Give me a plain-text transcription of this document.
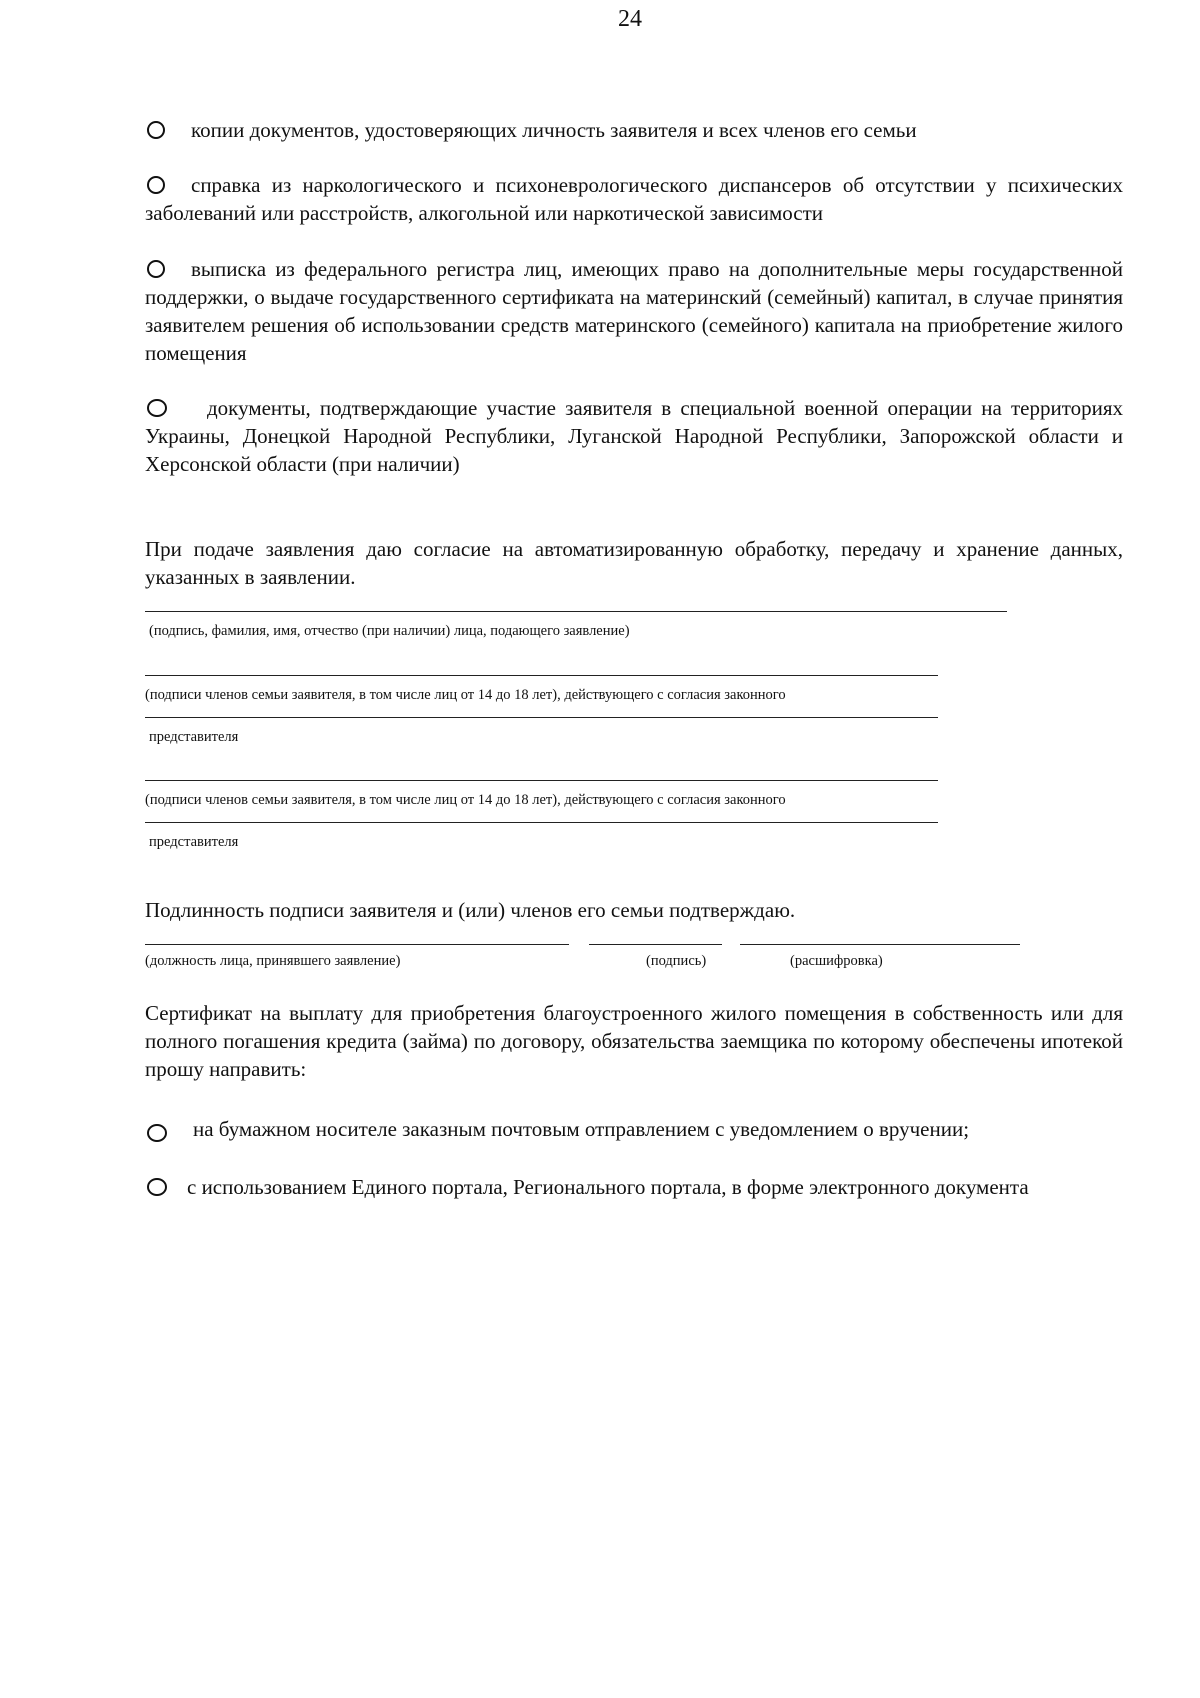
24
копии документов, удостоверяющих личность заявителя и всех членов его семьи
справка из наркологического и психоневрологического диспансеров об отсутствии у психических заболеваний или расстройств, алкогольной или наркотической зависимости
выписка из федерального регистра лиц, имеющих право на дополнительные меры государственной поддержки, о выдаче государственного сертификата на материнский (семейный) капитал, в случае принятия заявителем решения об использовании средств материнского (семейного) капитала на приобретение жилого помещения
документы, подтверждающие участие заявителя в специальной военной операции на территориях Украины, Донецкой Народной Республики, Луганской Народной Республики, Запорожской области и Херсонской области (при наличии)
При подаче заявления даю согласие на автоматизированную обработку, передачу и хранение данных, указанных в заявлении.
(подпись, фамилия, имя, отчество (при наличии) лица, подающего заявление)
(подписи членов семьи заявителя, в том числе лиц от 14 до 18 лет), действующего с согласия законного
представителя
(подписи членов семьи заявителя, в том числе лиц от 14 до 18 лет), действующего с согласия законного
представителя
Подлинность подписи заявителя и (или) членов его семьи подтверждаю.
(должность лица, принявшего заявление)	(подпись)	(расшифровка)
Сертификат на выплату для приобретения благоустроенного жилого помещения в собственность или для полного погашения кредита (займа) по договору, обязательства заемщика по которому обеспечены ипотекой прошу направить:
на бумажном носителе заказным почтовым отправлением с уведомлением о вручении;
с использованием Единого портала, Регионального портала, в форме электронного документа
